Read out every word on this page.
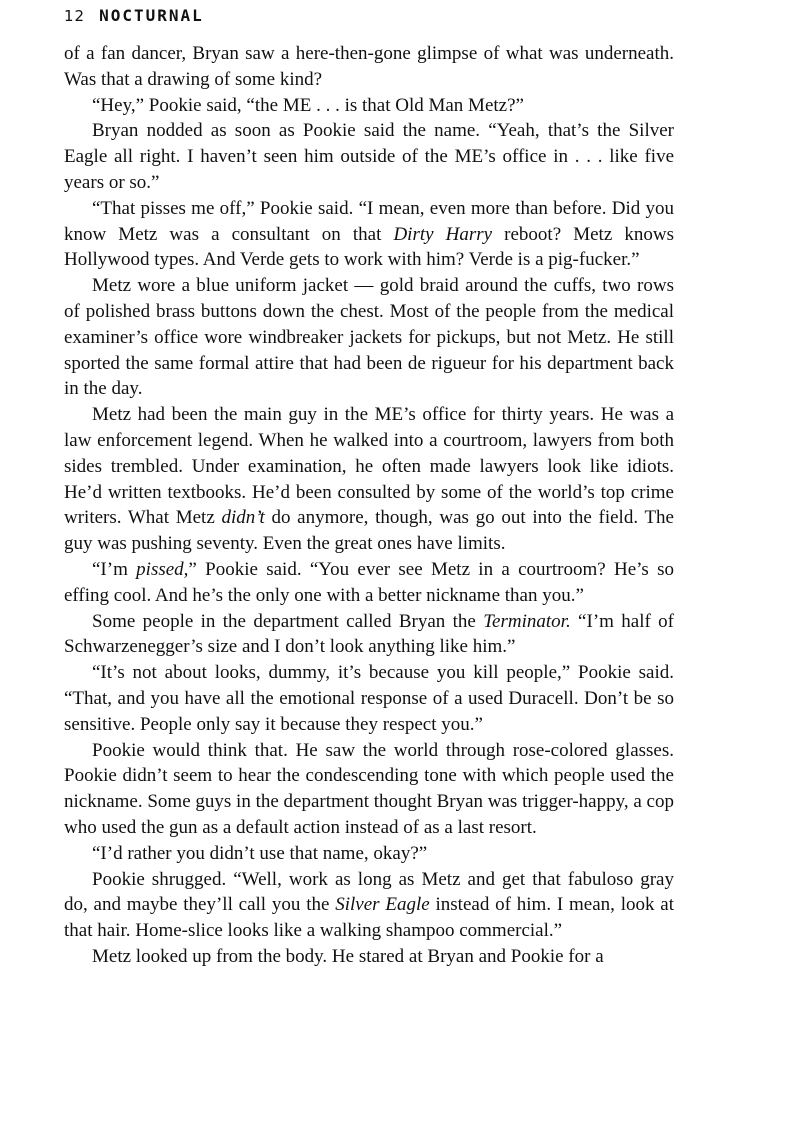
12 NOCTURNAL

of a fan dancer, Bryan saw a here-then-gone glimpse of what was underneath. Was that a drawing of some kind?

“Hey,” Pookie said, “the ME . . . is that Old Man Metz?”

Bryan nodded as soon as Pookie said the name. “Yeah, that’s the Silver Eagle all right. I haven’t seen him outside of the ME’s office in . . . like five years or so.”

“That pisses me off,” Pookie said. “I mean, even more than before. Did you know Metz was a consultant on that Dirty Harry reboot? Metz knows Hollywood types. And Verde gets to work with him? Verde is a pig-fucker.”

Metz wore a blue uniform jacket — gold braid around the cuffs, two rows of polished brass buttons down the chest. Most of the people from the medical examiner’s office wore windbreaker jackets for pickups, but not Metz. He still sported the same formal attire that had been de rigueur for his department back in the day.

Metz had been the main guy in the ME’s office for thirty years. He was a law enforcement legend. When he walked into a courtroom, lawyers from both sides trembled. Under examination, he often made lawyers look like idiots. He’d written textbooks. He’d been consulted by some of the world’s top crime writers. What Metz didn’t do anymore, though, was go out into the field. The guy was pushing seventy. Even the great ones have limits.

“I’m pissed,” Pookie said. “You ever see Metz in a courtroom? He’s so effing cool. And he’s the only one with a better nickname than you.”

Some people in the department called Bryan the Terminator. “I’m half of Schwarzenegger’s size and I don’t look anything like him.”

“It’s not about looks, dummy, it’s because you kill people,” Pookie said. “That, and you have all the emotional response of a used Duracell. Don’t be so sensitive. People only say it because they respect you.”

Pookie would think that. He saw the world through rose-colored glasses. Pookie didn’t seem to hear the condescending tone with which people used the nickname. Some guys in the department thought Bryan was trigger-happy, a cop who used the gun as a default action instead of as a last resort.

“I’d rather you didn’t use that name, okay?”

Pookie shrugged. “Well, work as long as Metz and get that fabuloso gray do, and maybe they’ll call you the Silver Eagle instead of him. I mean, look at that hair. Home-slice looks like a walking shampoo commercial.”

Metz looked up from the body. He stared at Bryan and Pookie for a
